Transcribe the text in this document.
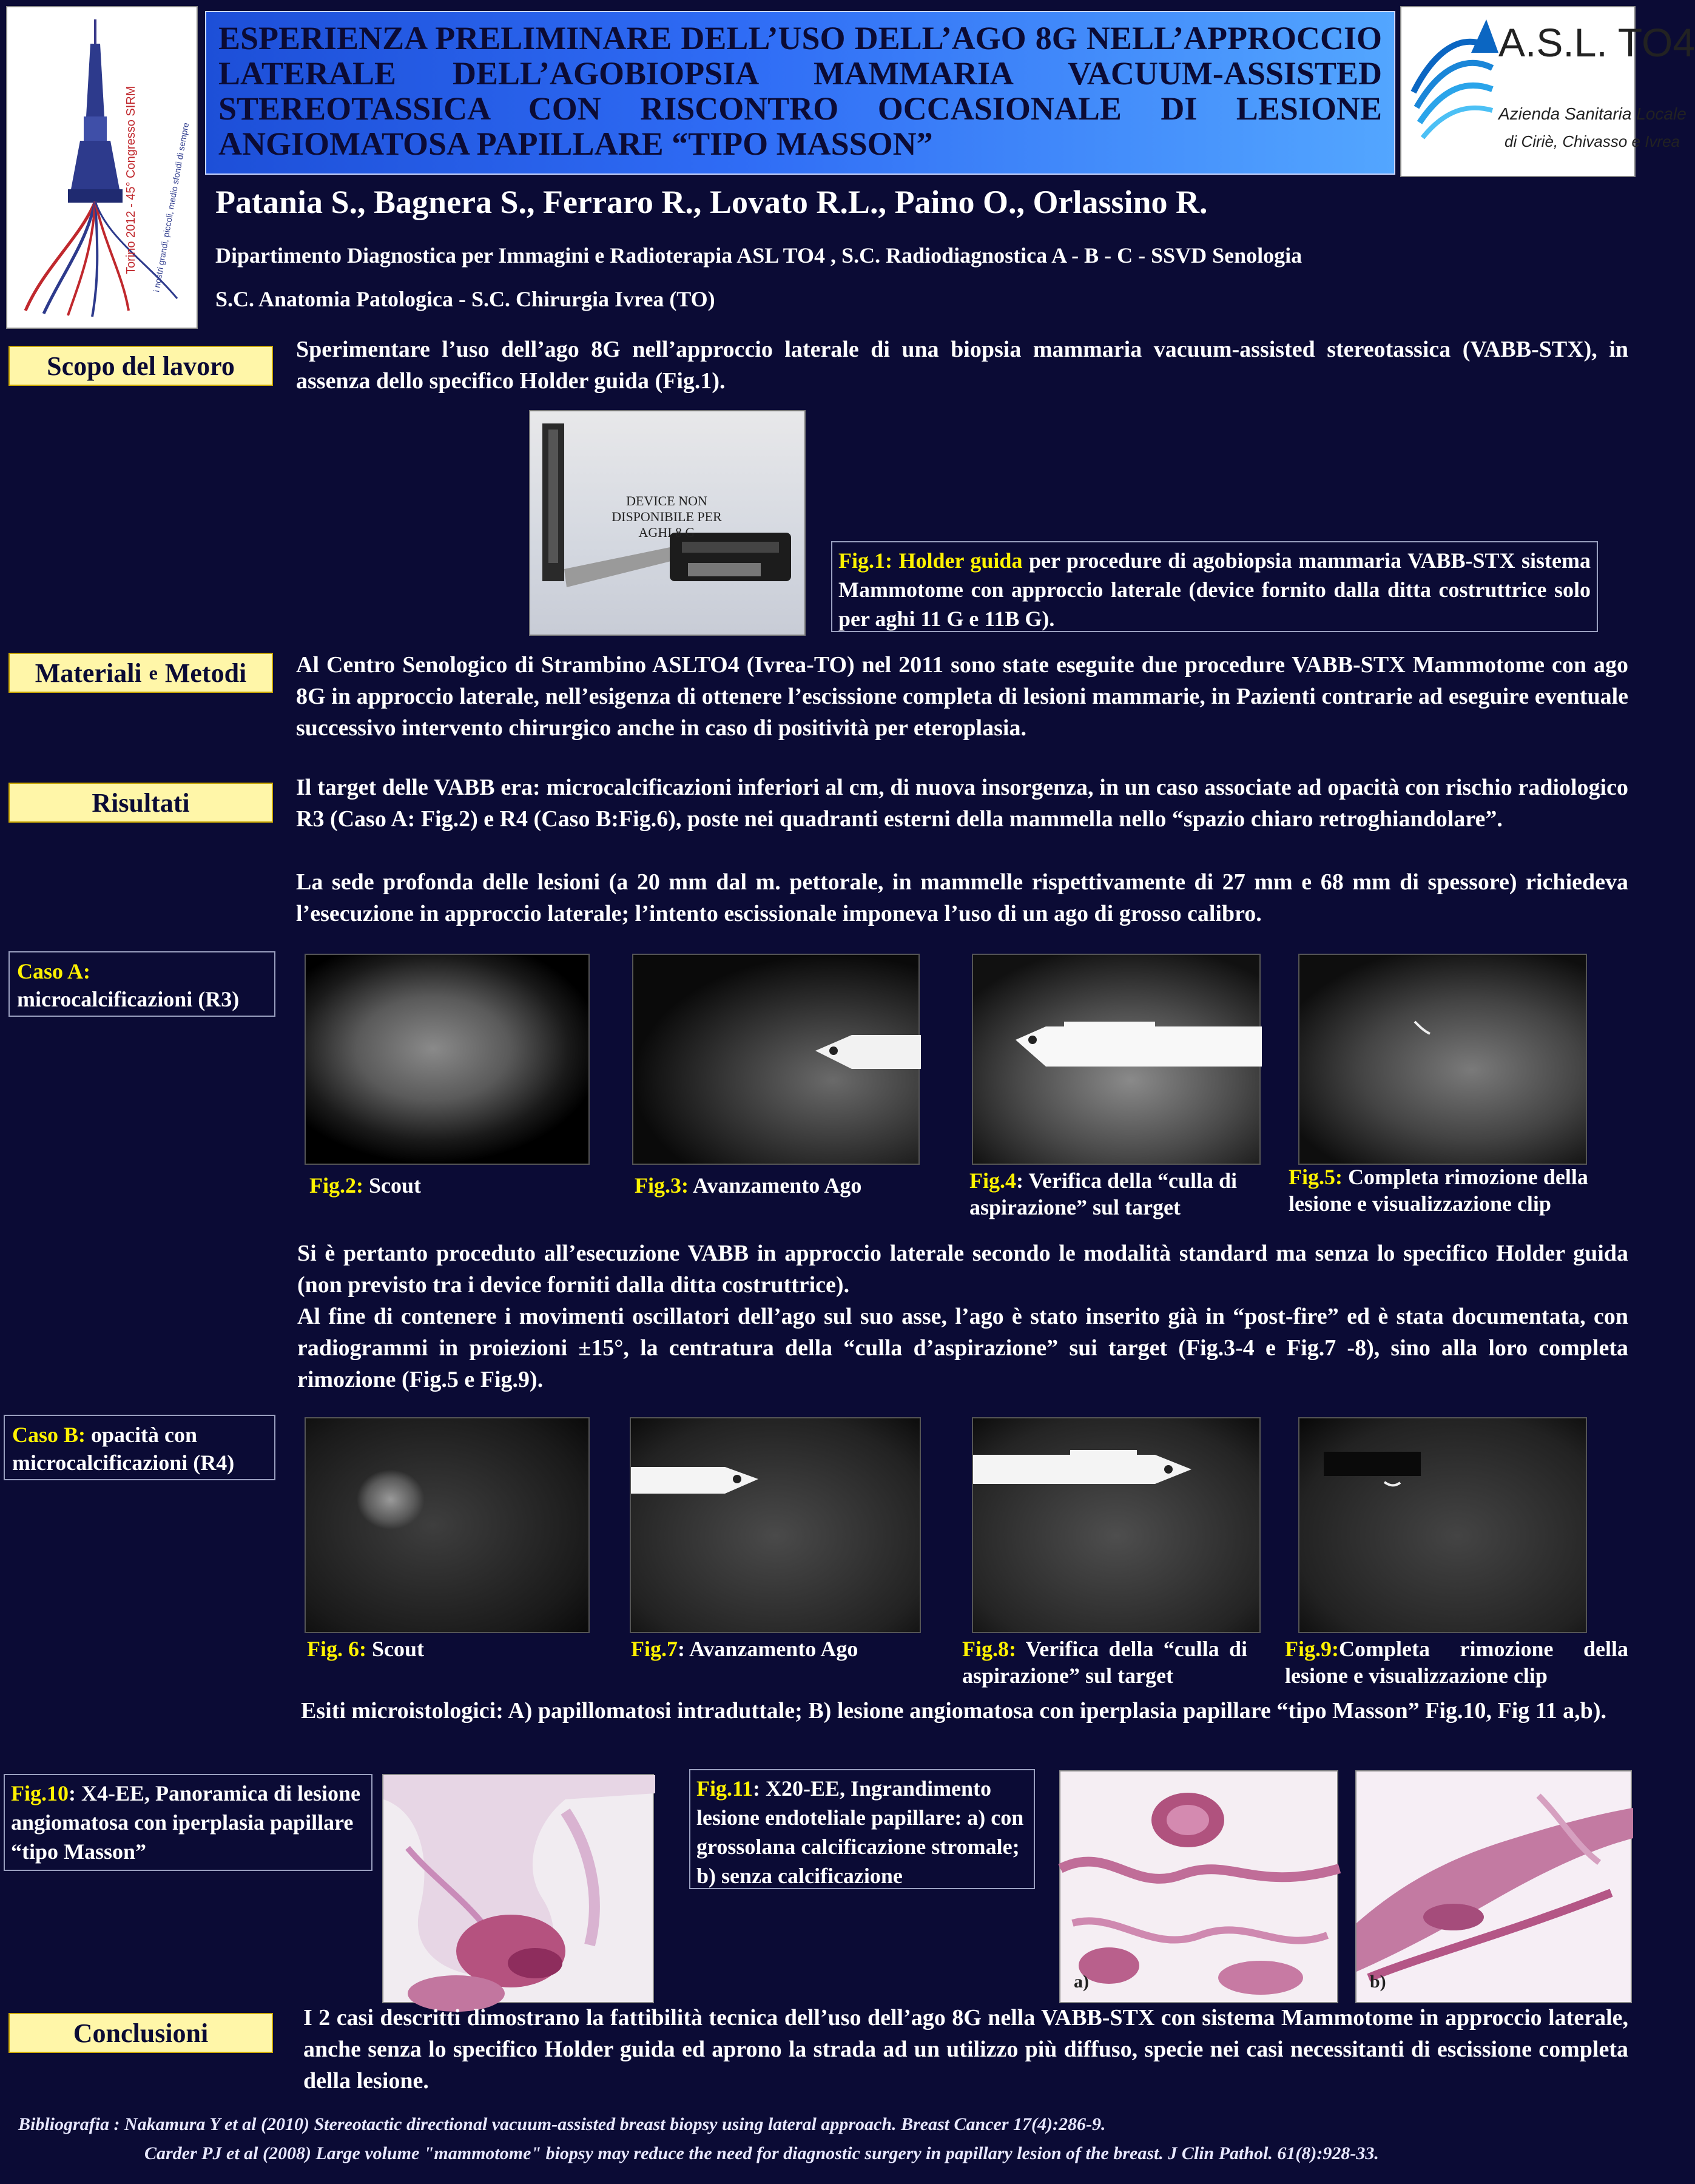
Torino 2012 - 45° Congresso SIRM i nostri grandi, piccoli, medio sfondi di sempre

ESPERIENZA PRELIMINARE DELL’USO DELL’AGO 8G NELL’APPROCCIO LATERALE DELL’AGOBIOPSIA MAMMARIA VACUUM-ASSISTED STEREOTASSICA CON RISCONTRO OCCASIONALE DI LESIONE ANGIOMATOSA PAPILLARE “TIPO MASSON”

A.S.L. TO4
Azienda Sanitaria Locale
di Ciriè, Chivasso e Ivrea
Patania S., Bagnera S., Ferraro R., Lovato R.L., Paino O., Orlassino R.
Dipartimento Diagnostica per Immagini e Radioterapia ASL TO4 , S.C. Radiodiagnostica A - B - C - SSVD Senologia
S.C. Anatomia Patologica - S.C. Chirurgia Ivrea (TO)
Scopo del lavoro
Sperimentare l’uso dell’ago 8G nell’approccio laterale di una biopsia mammaria vacuum-assisted stereotassica (VABB-STX), in assenza dello specifico Holder guida (Fig.1).
DEVICE NON DISPONIBILE PER AGHI 8 G
Fig.1: Holder guida per procedure di agobiopsia mammaria VABB-STX sistema Mammotome con approccio laterale (device fornito dalla ditta costruttrice solo per aghi 11 G e 11B G).
Materiali e Metodi Al Centro Senologico di Strambino ASLTO4 (Ivrea-TO) nel 2011 sono state eseguite due procedure VABB-STX Mammotome con ago 8G in approccio laterale, nell’esigenza di ottenere l’escissione completa di lesioni mammarie, in Pazienti contrarie ad eseguire eventuale successivo intervento chirurgico anche in caso di positività per eteroplasia.
Risultati
Il target delle VABB era: microcalcificazioni inferiori al cm, di nuova insorgenza, in un caso associate ad opacità con rischio radiologico R3 (Caso A: Fig.2) e R4 (Caso B:Fig.6), poste nei quadranti esterni della mammella nello “spazio chiaro retroghiandolare”.
La sede profonda delle lesioni (a 20 mm dal m. pettorale, in mammelle rispettivamente di 27 mm e 68 mm di spessore) richiedeva l’esecuzione in approccio laterale; l’intento escissionale imponeva l’uso di un ago di grosso calibro.
Caso A:
microcalcificazioni (R3)
Fig.2: Scout	Fig.3: Avanzamento Ago	Fig.4: Verifica della “culla di aspirazione” sul target
Fig.5: Completa rimozione della lesione e visualizzazione clip
Si è pertanto proceduto all’esecuzione VABB in approccio laterale secondo le modalità standard ma senza lo specifico Holder guida (non previsto tra i device forniti dalla ditta costruttrice).
Al fine di contenere i movimenti oscillatori dell’ago sul suo asse, l’ago è stato inserito già in “post-fire” ed è stata documentata, con radiogrammi in proiezioni ±15°, la centratura della “culla d’aspirazione” sui target (Fig.3-4 e Fig.7 -8), sino alla loro completa rimozione (Fig.5 e Fig.9).
Caso B: opacità con microcalcificazioni (R4)
Fig. 6: Scout	Fig.7: Avanzamento Ago	Fig.8: Verifica della “culla di aspirazione” sul target
Fig.9:Completa rimozione della lesione e visualizzazione clip
Esiti microistologici: A) papillomatosi intraduttale; B) lesione angiomatosa con iperplasia papillare “tipo Masson” Fig.10, Fig 11 a,b).
Fig.10: X4-EE, Panoramica di lesione angiomatosa con iperplasia papillare “tipo Masson”
Fig.11: X20-EE, Ingrandimento lesione endoteliale papillare: a) con grossolana calcificazione stromale; b) senza calcificazione
a)	b)
Conclusioni
I 2 casi descritti dimostrano la fattibilità tecnica dell’uso dell’ago 8G nella VABB-STX con sistema Mammotome in approccio laterale, anche senza lo specifico Holder guida ed aprono la strada ad un utilizzo più diffuso, specie nei casi necessitanti di escissione completa della lesione.
Bibliografia : Nakamura Y et al (2010) Stereotactic directional vacuum-assisted breast biopsy using lateral approach. Breast Cancer 17(4):286-9.
Carder PJ et al (2008) Large volume "mammotome" biopsy may reduce the need for diagnostic surgery in papillary lesion of the breast. J Clin Pathol. 61(8):928-33.
